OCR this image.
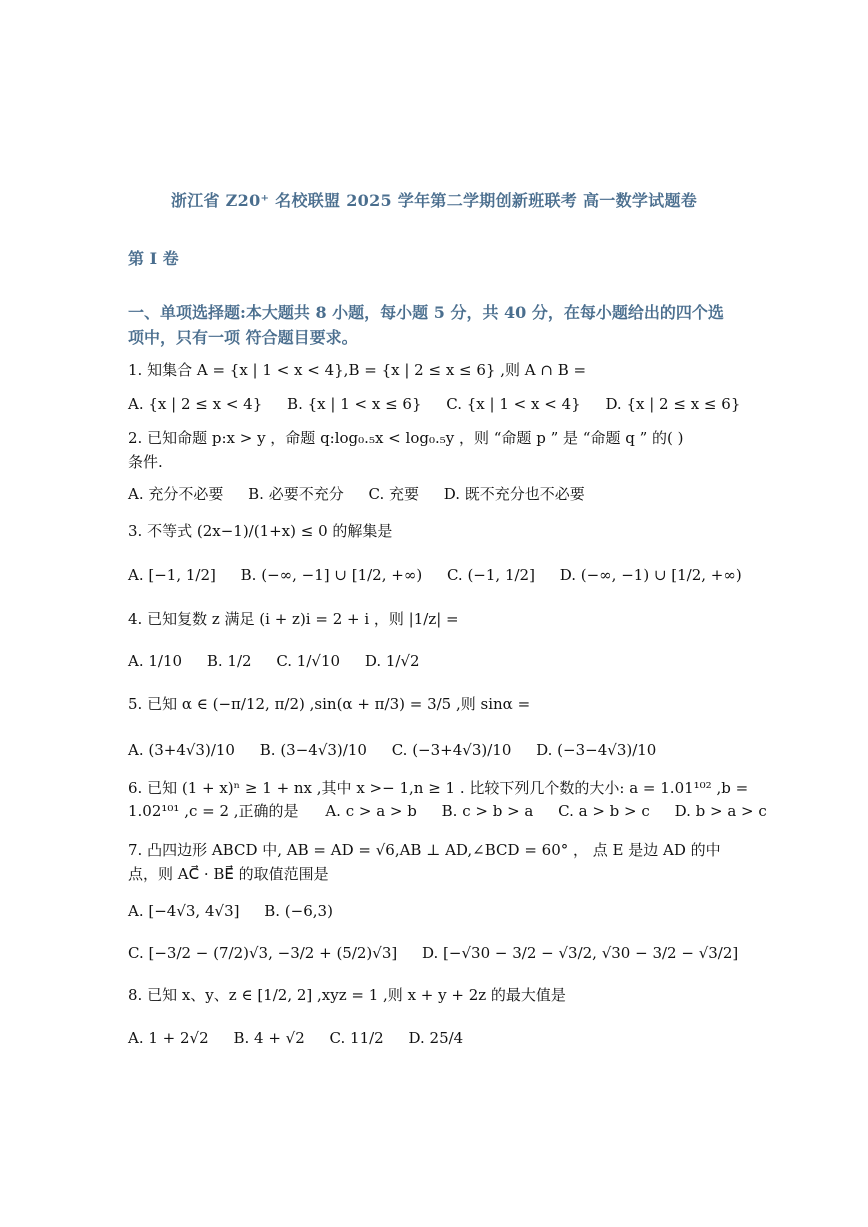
浙江省 Z20⁺ 名校联盟 2025 学年第二学期创新班联考 高一数学试题卷
第 I 卷
一、单项选择题:本大题共 8 小题，每小题 5 分，共 40 分，在每小题给出的四个选
项中，只有一项 符合题目要求。
1. 知集合 A = {x | 1 < x < 4},B = {x | 2 ≤ x ≤ 6} ,则 A ∩ B =
A. {x | 2 ≤ x < 4} B. {x | 1 < x ≤ 6} C. {x | 1 < x < 4} D. {x | 2 ≤ x ≤ 6}
2. 已知命题 p:x > y ，命题 q:log₀.₅x < log₀.₅y ，则 “命题 p ” 是 “命题 q ” 的( )
条件.
A. 充分不必要 B. 必要不充分 C. 充要 D. 既不充分也不必要
3. 不等式 (2x−1)/(1+x) ≤ 0 的解集是
A. [−1, 1/2] B. (−∞, −1] ∪ [1/2, +∞) C. (−1, 1/2] D. (−∞, −1) ∪ [1/2, +∞)
4. 已知复数 z 满足 (i + z)i = 2 + i ，则 |1/z| =
A. 1/10 B. 1/2 C. 1/√10 D. 1/√2
5. 已知 α ∈ (−π/12, π/2) ,sin(α + π/3) = 3/5 ,则 sinα =
A. (3+4√3)/10 B. (3−4√3)/10 C. (−3+4√3)/10 D. (−3−4√3)/10
6. 已知 (1 + x)ⁿ ≥ 1 + nx ,其中 x >− 1,n ≥ 1 . 比较下列几个数的大小: a = 1.01¹⁰² ,b =
1.02¹⁰¹ ,c = 2 ,正确的是 A. c > a > b B. c > b > a C. a > b > c D. b > a > c
7. 凸四边形 ABCD 中, AB = AD = √6,AB ⊥ AD,∠BCD = 60° ， 点 E 是边 AD 的中
点，则 AC⃗ · BE⃗ 的取值范围是
A. [−4√3, 4√3] B. (−6,3)
C. [−3/2 − (7/2)√3, −3/2 + (5/2)√3] D. [−√30 − 3/2 − √3/2, √30 − 3/2 − √3/2]
8. 已知 x、y、z ∈ [1/2, 2] ,xyz = 1 ,则 x + y + 2z 的最大值是
A. 1 + 2√2 B. 4 + √2 C. 11/2 D. 25/4
